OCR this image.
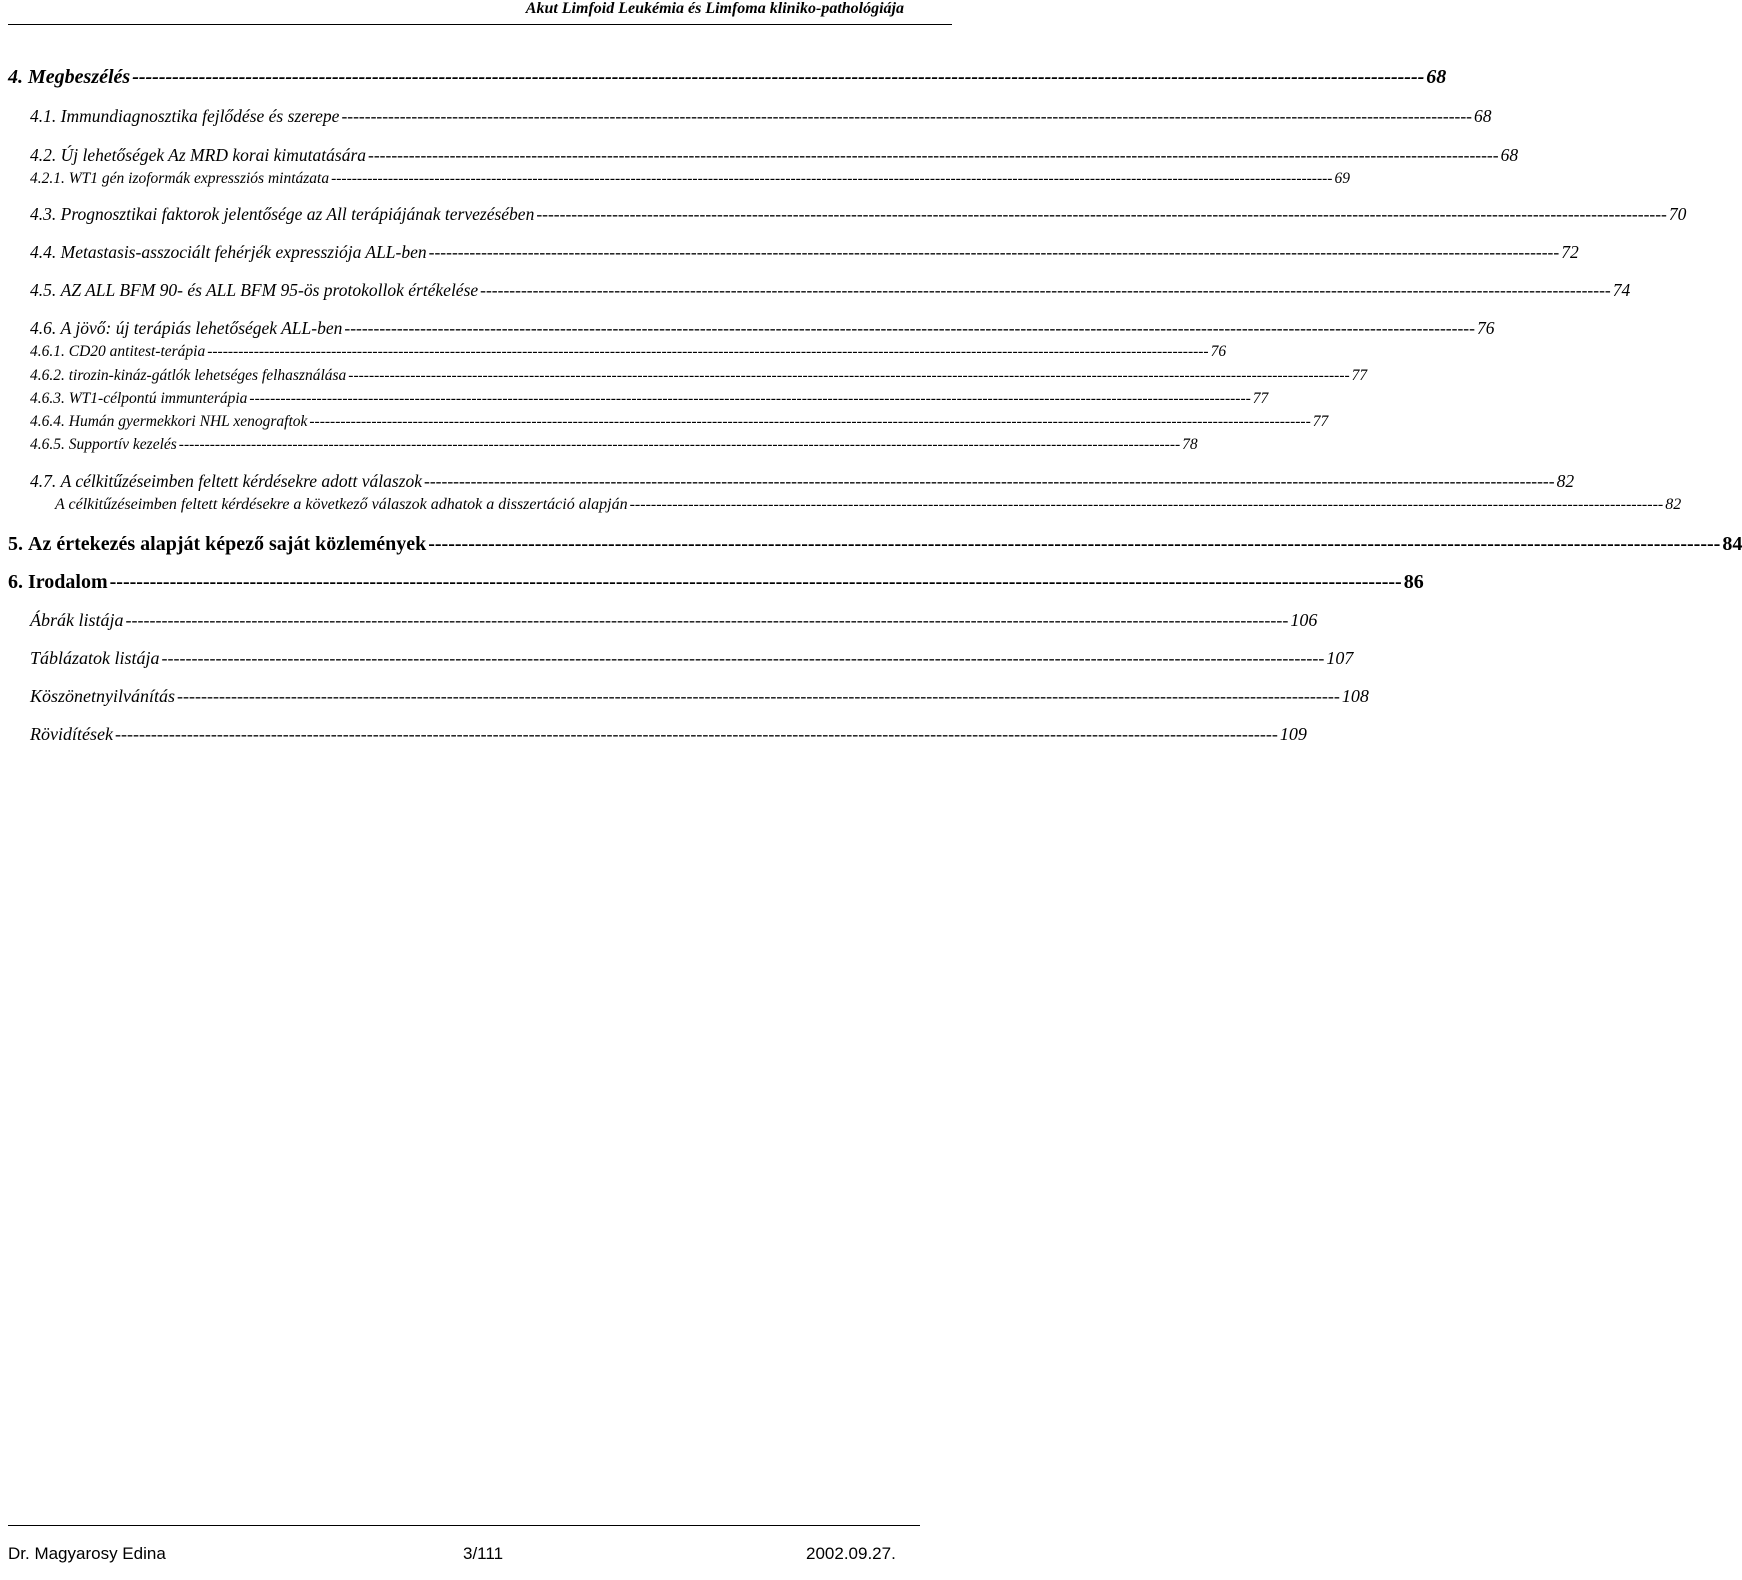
Akut Limfoid Leukémia és Limfoma kliniko-pathológiája
4.
Megbeszélés -------------------------------------------------------------------------------------------------------------------------------------------------------------------------------------------------- 68
4.1.
Immundiagnosztika fejlődése és szerepe -------------------------------------------------------------------------------------------------------------------------------------------------------------------------------------------------- 68
4.2.
Új lehetőségek Az MRD korai kimutatására -------------------------------------------------------------------------------------------------------------------------------------------------------------------------------------------------- 68
4.2.1.
WT1 gén izoformák expressziós mintázata -------------------------------------------------------------------------------------------------------------------------------------------------------------------------------------------------- 69
4.3.
Prognosztikai faktorok jelentősége az All terápiájának tervezésében -------------------------------------------------------------------------------------------------------------------------------------------------------------------------------------------------- 70
4.4.
Metastasis-asszociált fehérjék expressziója ALL-ben -------------------------------------------------------------------------------------------------------------------------------------------------------------------------------------------------- 72
4.5.
AZ ALL BFM 90- és ALL BFM 95-ös protokollok értékelése -------------------------------------------------------------------------------------------------------------------------------------------------------------------------------------------------- 74
4.6.
A jövő: új terápiás lehetőségek ALL-ben -------------------------------------------------------------------------------------------------------------------------------------------------------------------------------------------------- 76
4.6.1.
CD20 antitest-terápia -------------------------------------------------------------------------------------------------------------------------------------------------------------------------------------------------- 76
4.6.2.
tirozin-kináz-gátlók lehetséges felhasználása -------------------------------------------------------------------------------------------------------------------------------------------------------------------------------------------------- 77
4.6.3.
WT1-célpontú immunterápia -------------------------------------------------------------------------------------------------------------------------------------------------------------------------------------------------- 77
4.6.4.
Humán gyermekkori NHL xenograftok -------------------------------------------------------------------------------------------------------------------------------------------------------------------------------------------------- 77
4.6.5.
Supportív kezelés -------------------------------------------------------------------------------------------------------------------------------------------------------------------------------------------------- 78
4.7.
A célkitűzéseimben feltett kérdésekre adott válaszok -------------------------------------------------------------------------------------------------------------------------------------------------------------------------------------------------- 82
A célkitűzéseimben feltett kérdésekre a következő válaszok adhatok a disszertáció alapján -------------------------------------------------------------------------------------------------------------------------------------------------------------------------------------------------- 82
5.
Az értekezés alapját képező saját közlemények -------------------------------------------------------------------------------------------------------------------------------------------------------------------------------------------------- 84
6.
Irodalom -------------------------------------------------------------------------------------------------------------------------------------------------------------------------------------------------- 86
Ábrák listája -------------------------------------------------------------------------------------------------------------------------------------------------------------------------------------------------- 106
Táblázatok listája -------------------------------------------------------------------------------------------------------------------------------------------------------------------------------------------------- 107
Köszönetnyilvánítás -------------------------------------------------------------------------------------------------------------------------------------------------------------------------------------------------- 108
Rövidítések -------------------------------------------------------------------------------------------------------------------------------------------------------------------------------------------------- 109
Dr. Magyarosy Edina	3/111	2002.09.27.
